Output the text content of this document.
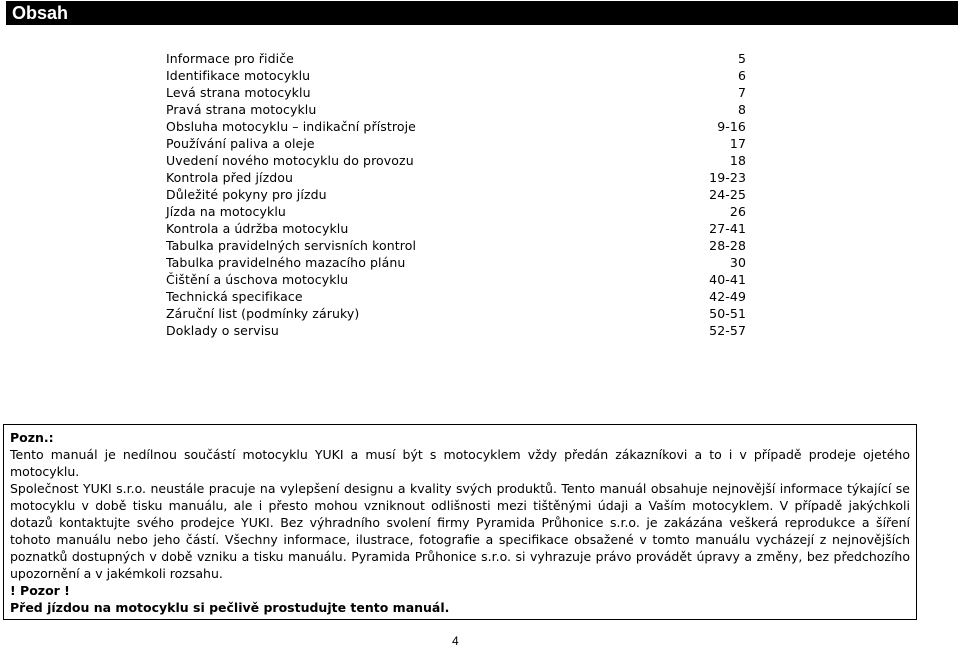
Obsah
Informace pro řidiče	5
Identifikace motocyklu	6
Levá strana motocyklu	7
Pravá strana motocyklu	8
Obsluha motocyklu – indikační přístroje	9-16
Používání paliva a oleje	17
Uvedení nového motocyklu do provozu	18
Kontrola před jízdou	19-23
Důležité pokyny pro jízdu	24-25
Jízda na motocyklu	26
Kontrola a údržba motocyklu	27-41
Tabulka pravidelných servisních kontrol	28-28
Tabulka pravidelného mazacího plánu	30
Čištění a úschova motocyklu	40-41
Technická specifikace	42-49
Záruční list (podmínky záruky)	50-51
Doklady o servisu	52-57

Pozn.:

Tento manuál je nedílnou součástí motocyklu YUKI a musí být s motocyklem vždy předán zákazníkovi a to i v případě prodeje ojetého motocyklu.

Společnost YUKI s.r.o. neustále pracuje na vylepšení designu a kvality svých produktů. Tento manuál obsahuje nejnovější informace týkající se motocyklu v době tisku manuálu, ale i přesto mohou vzniknout odlišnosti mezi tištěnými údaji a Vaším motocyklem. V případě jakýchkoli dotazů kontaktujte svého prodejce YUKI. Bez výhradního svolení firmy Pyramida Průhonice s.r.o. je zakázána veškerá reprodukce a šíření tohoto manuálu nebo jeho částí. Všechny informace, ilustrace, fotografie a specifikace obsažené v tomto manuálu vycházejí z nejnovějších poznatků dostupných v době vzniku a tisku manuálu. Pyramida Průhonice s.r.o. si vyhrazuje právo provádět úpravy a změny, bez předchozího upozornění a v jakémkoli rozsahu.

! Pozor !

Před jízdou na motocyklu si pečlivě prostudujte tento manuál.

4
